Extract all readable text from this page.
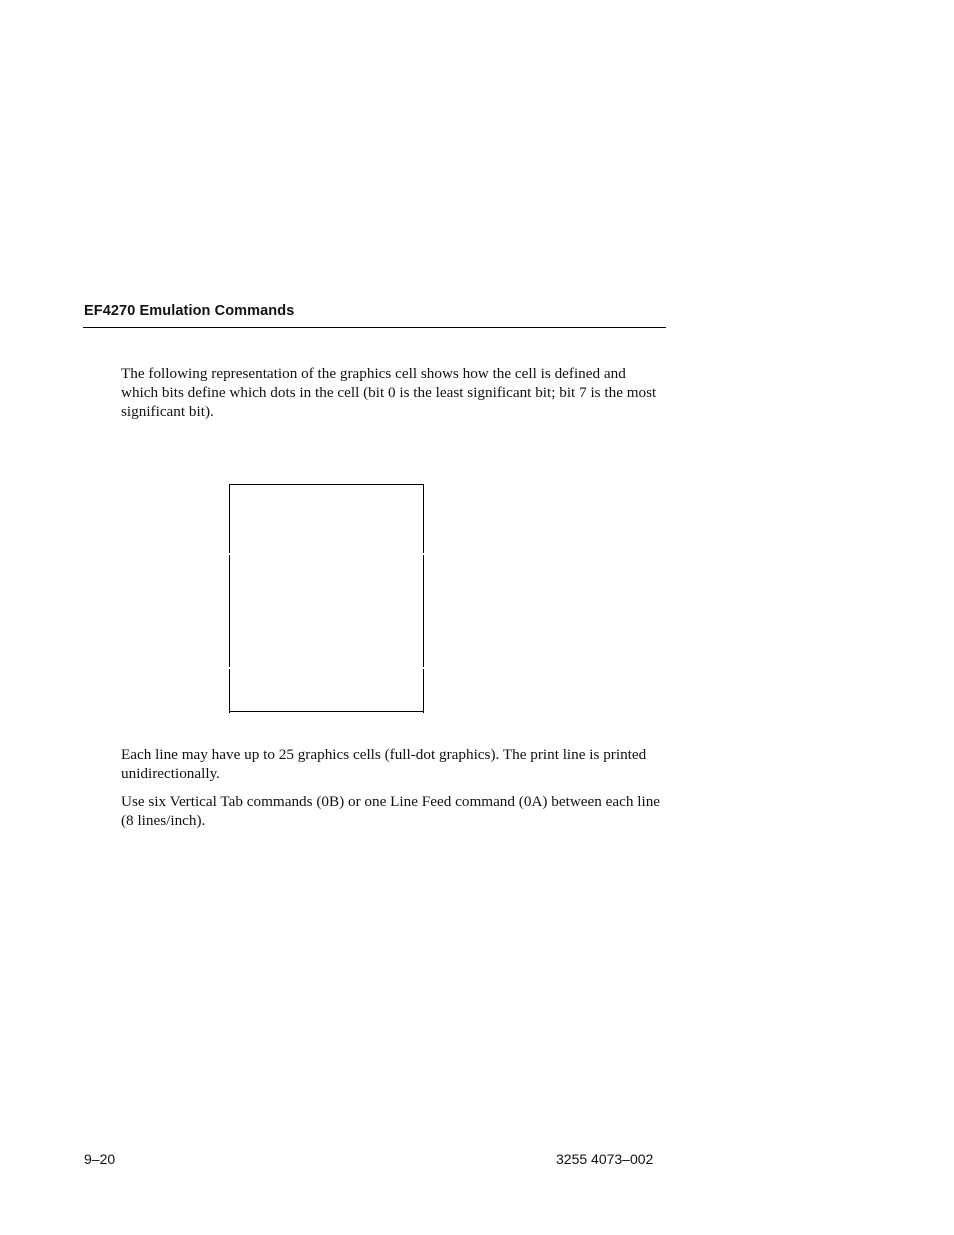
EF4270 Emulation Commands

The following representation of the graphics cell shows how the cell is defined and which bits define which dots in the cell (bit 0 is the least significant bit; bit 7 is the most significant bit).

Each line may have up to 25 graphics cells (full-dot graphics). The print line is printed unidirectionally.

Use six Vertical Tab commands (0B) or one Line Feed command (0A) between each line (8 lines/inch).

9–20	3255 4073–002
